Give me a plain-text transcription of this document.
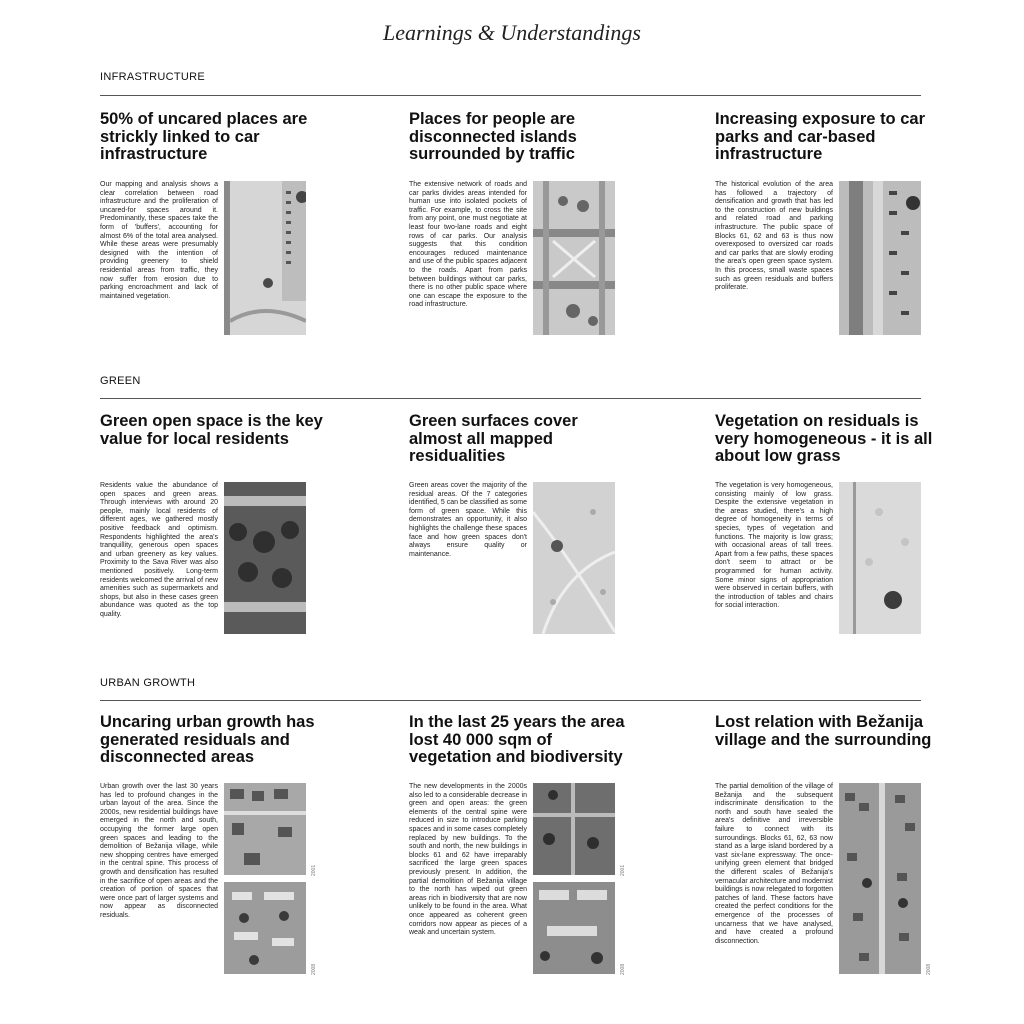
Learnings & Understandings
INFRASTRUCTURE
50% of uncared places are strickly linked to car infrastructure
Our mapping and analysis shows a clear correlation between road infrastructure and the proliferation of uncared-for spaces around it. Predominantly, these spaces take the form of 'buffers', accounting for almost 6% of the total area analysed. While these areas were presumably designed with the intention of providing greenery to shield residential areas from traffic, they now suffer from erosion due to parking encroachment and lack of maintained vegetation.
Places for people are disconnected islands surrounded by traffic
The extensive network of roads and car parks divides areas intended for human use into isolated pockets of traffic. For example, to cross the site from any point, one must negotiate at least four two-lane roads and eight rows of car parks. Our analysis suggests that this condition encourages reduced maintenance and use of the public spaces adjacent to the roads. Apart from parks between buildings without car parks, there is no other public space where one can escape the exposure to the road infrastructure.
Increasing exposure to car parks and car-based infrastructure
The historical evolution of the area has followed a trajectory of densification and growth that has led to the construction of new buildings and related road and parking infrastructure. The public space of Blocks 61, 62 and 63 is thus now overexposed to oversized car roads and car parks that are slowly eroding the area's open green space system. In this process, small waste spaces such as green residuals and buffers proliferate.
GREEN
Green open space is the key value for local residents
Residents value the abundance of open spaces and green areas. Through interviews with around 20 people, mainly local residents of different ages, we gathered mostly positive feedback and optimism. Respondents highlighted the area's tranquillity, generous open spaces and urban greenery as key values. Proximity to the Sava River was also mentioned positively. Long-term residents welcomed the arrival of new amenities such as supermarkets and shops, but also in these cases green abundance was quoted as the top quality.
Green surfaces cover almost all mapped residualities
Green areas cover the majority of the residual areas. Of the 7 categories identified, 5 can be classified as some form of green space. While this demonstrates an opportunity, it also highlights the challenge these spaces face and how green spaces don't always ensure quality or maintenance.
Vegetation on residuals is very homogeneous - it is all about low grass
The vegetation is very homogeneous, consisting mainly of low grass. Despite the extensive vegetation in the areas studied, there's a high degree of homogeneity in terms of species, types of vegetation and functions. The majority is low grass; with occasional areas of tall trees. Apart from a few paths, these spaces don't seem to attract or be programmed for human activity. Some minor signs of appropriation were observed in certain buffers, with the introduction of tables and chairs for social interaction.
URBAN GROWTH
Uncaring urban growth has generated residuals and disconnected areas
Urban growth over the last 30 years has led to profound changes in the urban layout of the area. Since the 2000s, new residential buildings have emerged in the north and south, occupying the former large open green spaces and leading to the demolition of Bežanija village, while new shopping centres have emerged in the central spine. This process of growth and densification has resulted in the sacrifice of open areas and the creation of portion of spaces that were once part of larger systems and now appear as disconnected residuals.
2001
2008
In the last 25 years the area lost 40 000 sqm of vegetation and biodiversity
The new developments in the 2000s also led to a considerable decrease in green and open areas: the green elements of the central spine were reduced in size to introduce parking spaces and in some cases completely replaced by new buildings. To the south and north, the new buildings in blocks 61 and 62 have irreparably sacrificed the large green spaces previously present. In addition, the partial demolition of Bežanija village to the north has wiped out green areas rich in biodiversity that are now unlikely to be found in the area. What once appeared as coherent green corridors now appear as pieces of a weak and uncertain system.
2001
2008
Lost relation with Bežanija village and the surrounding
The partial demolition of the village of Bežanija and the subsequent indiscriminate densification to the north and south have sealed the area's definitive and irreversible failure to connect with its surroundings. Blocks 61, 62, 63 now stand as a large island bordered by a vast six-lane expressway. The once-unifying green element that bridged the different scales of Bežanija's vernacular architecture and modernist buildings is now relegated to forgotten patches of land. These factors have created the perfect conditions for the emergence of the processes of uncarness that we have analysed, and have created a profound disconnection.
2008
